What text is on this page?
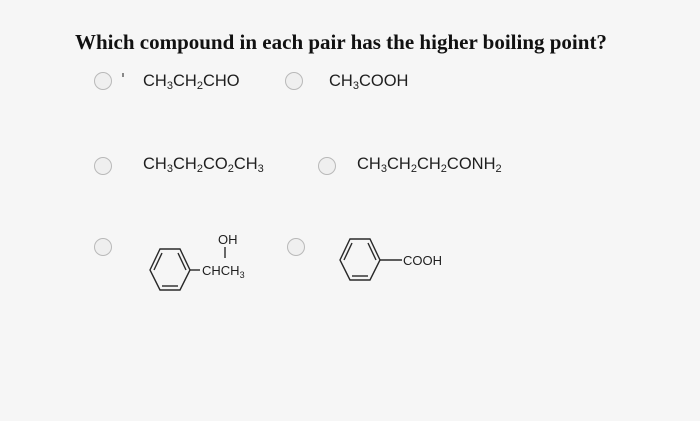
Which compound in each pair has the higher boiling point?
$CH_3CH_2CHO$	$CH_3COOH$
$CH_3CH_2CO_2CH_3$	$CH_3CH_2CH_2CONH_2$
OH
$CHCH_3$
COOH
